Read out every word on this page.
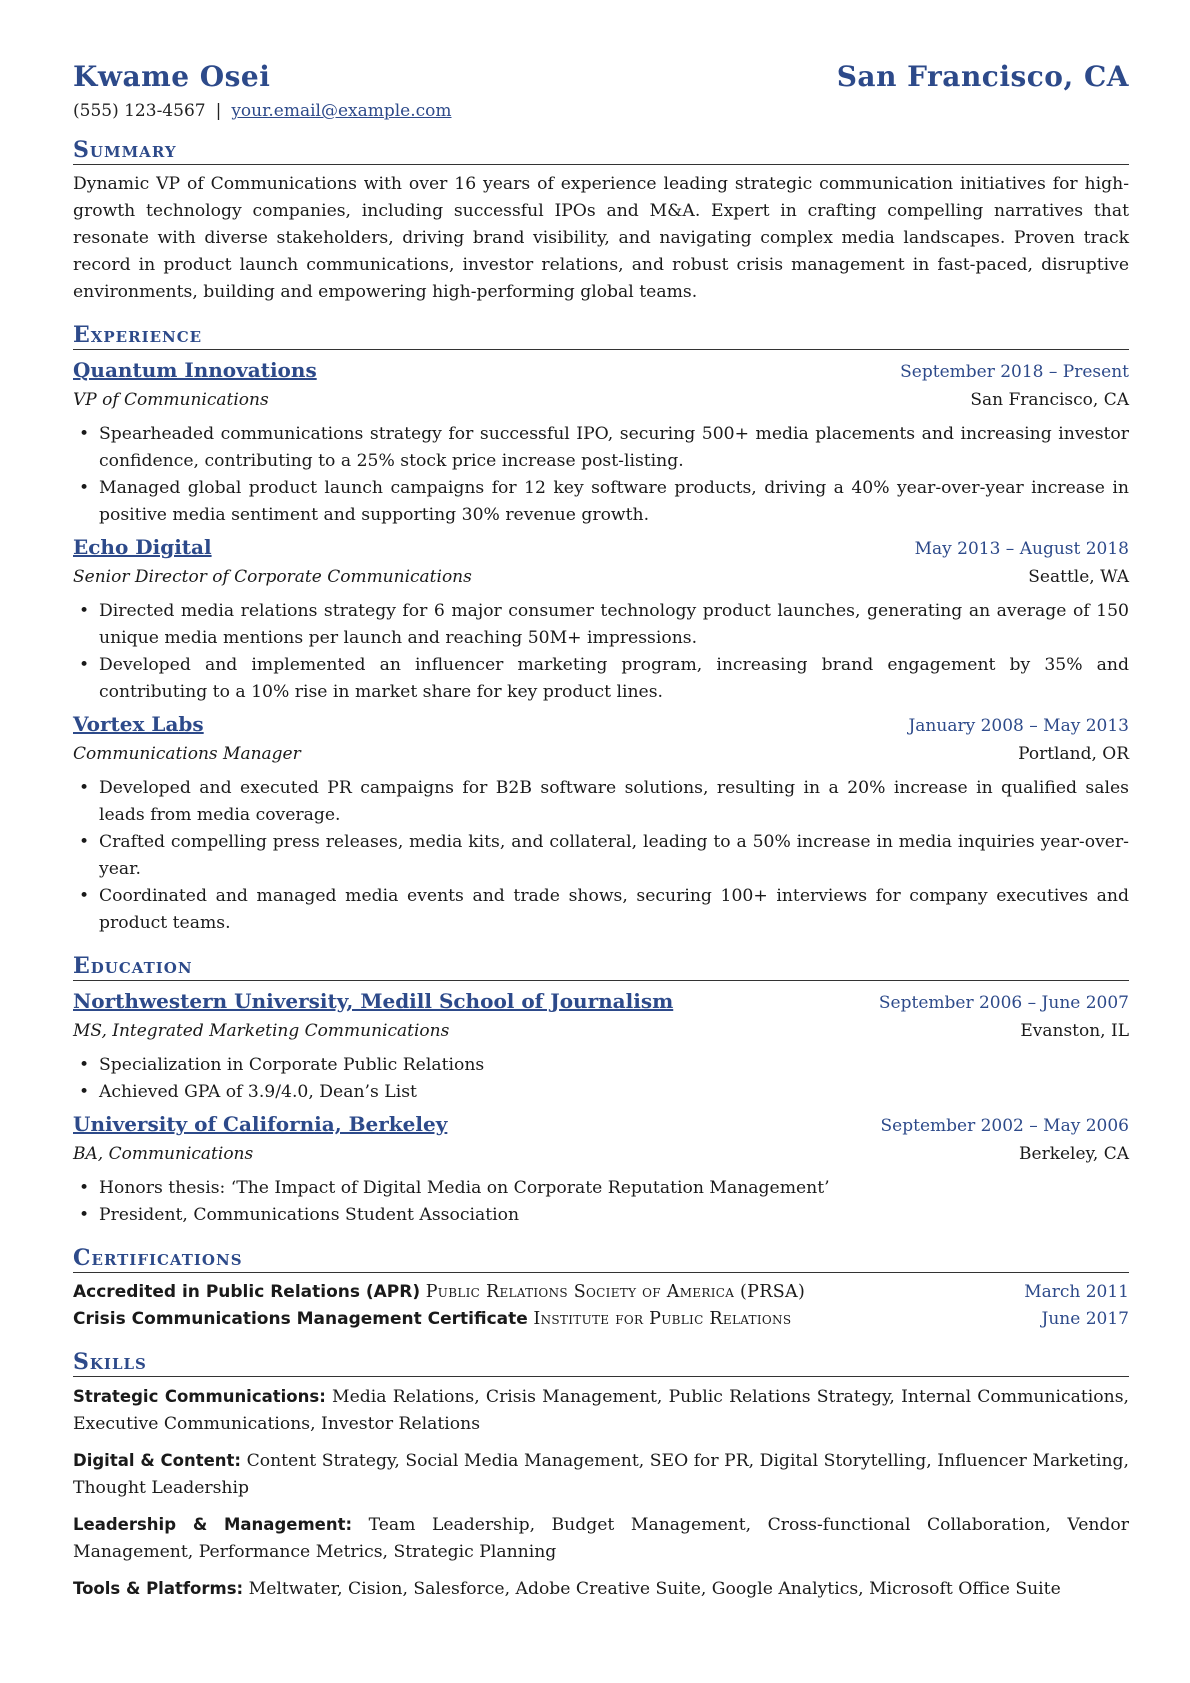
Kwame Osei	San Francisco, CA
(555) 123-4567 | your.email@example.com
Summary
Dynamic VP of Communications with over 16 years of experience leading strategic communication initiatives for high-growth technology companies, including successful IPOs and M&A. Expert in crafting compelling narratives that resonate with diverse stakeholders, driving brand visibility, and navigating complex media landscapes. Proven track record in product launch communications, investor relations, and robust crisis management in fast-paced, disruptive environments, building and empowering high-performing global teams.
Experience
Quantum Innovations	September 2018 – Present
VP of Communications	San Francisco, CA
• Spearheaded communications strategy for successful IPO, securing 500+ media placements and increasing investor confidence, contributing to a 25% stock price increase post-listing.
• Managed global product launch campaigns for 12 key software products, driving a 40% year-over-year increase in positive media sentiment and supporting 30% revenue growth.
Echo Digital	May 2013 – August 2018
Senior Director of Corporate Communications	Seattle, WA
• Directed media relations strategy for 6 major consumer technology product launches, generating an average of 150 unique media mentions per launch and reaching 50M+ impressions.
• Developed and implemented an influencer marketing program, increasing brand engagement by 35% and contributing to a 10% rise in market share for key product lines.
Vortex Labs	January 2008 – May 2013
Communications Manager	Portland, OR
• Developed and executed PR campaigns for B2B software solutions, resulting in a 20% increase in qualified sales leads from media coverage.
• Crafted compelling press releases, media kits, and collateral, leading to a 50% increase in media inquiries year-over-year.
• Coordinated and managed media events and trade shows, securing 100+ interviews for company executives and product teams.
Education
Northwestern University, Medill School of Journalism	September 2006 – June 2007
MS, Integrated Marketing Communications	Evanston, IL
• Specialization in Corporate Public Relations
• Achieved GPA of 3.9/4.0, Dean’s List
University of California, Berkeley	September 2002 – May 2006
BA, Communications	Berkeley, CA
• Honors thesis: ‘The Impact of Digital Media on Corporate Reputation Management’
• President, Communications Student Association
Certifications
Accredited in Public Relations (APR) Public Relations Society of America (PRSA)	March 2011
Crisis Communications Management Certificate Institute for Public Relations	June 2017
Skills
Strategic Communications: Media Relations, Crisis Management, Public Relations Strategy, Internal Communications, Executive Communications, Investor Relations
Digital & Content: Content Strategy, Social Media Management, SEO for PR, Digital Storytelling, Influencer Marketing, Thought Leadership
Leadership & Management: Team Leadership, Budget Management, Cross-functional Collaboration, Vendor Management, Performance Metrics, Strategic Planning
Tools & Platforms: Meltwater, Cision, Salesforce, Adobe Creative Suite, Google Analytics, Microsoft Office Suite
